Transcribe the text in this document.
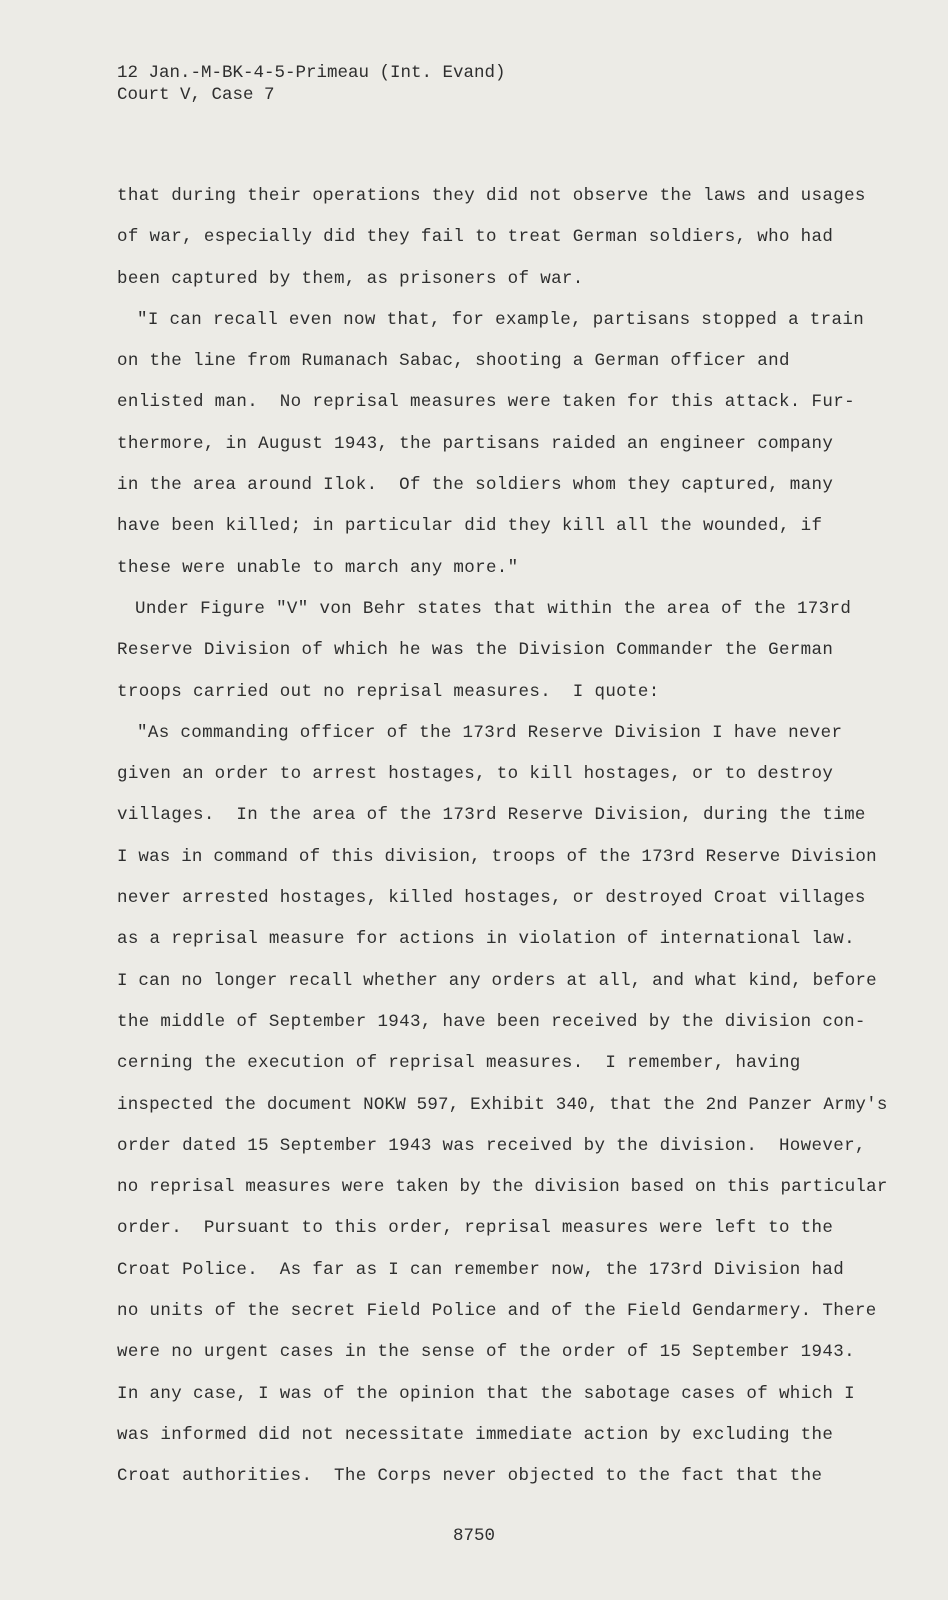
12 Jan.-M-BK-4-5-Primeau (Int. Evand)
Court V, Case 7
that during their operations they did not observe the laws and usages
of war, especially did they fail to treat German soldiers, who had
been captured by them, as prisoners of war.
"I can recall even now that, for example, partisans stopped a train
on the line from Rumanach Sabac, shooting a German officer and
enlisted man.  No reprisal measures were taken for this attack. Fur-
thermore, in August 1943, the partisans raided an engineer company
in the area around Ilok.  Of the soldiers whom they captured, many
have been killed; in particular did they kill all the wounded, if
these were unable to march any more."
Under Figure "V" von Behr states that within the area of the 173rd
Reserve Division of which he was the Division Commander the German
troops carried out no reprisal measures.  I quote:
"As commanding officer of the 173rd Reserve Division I have never
given an order to arrest hostages, to kill hostages, or to destroy
villages.  In the area of the 173rd Reserve Division, during the time
I was in command of this division, troops of the 173rd Reserve Division
never arrested hostages, killed hostages, or destroyed Croat villages
as a reprisal measure for actions in violation of international law.
I can no longer recall whether any orders at all, and what kind, before
the middle of September 1943, have been received by the division con-
cerning the execution of reprisal measures.  I remember, having
inspected the document NOKW 597, Exhibit 340, that the 2nd Panzer Army's
order dated 15 September 1943 was received by the division.  However,
no reprisal measures were taken by the division based on this particular
order.  Pursuant to this order, reprisal measures were left to the
Croat Police.  As far as I can remember now, the 173rd Division had
no units of the secret Field Police and of the Field Gendarmery. There
were no urgent cases in the sense of the order of 15 September 1943.
In any case, I was of the opinion that the sabotage cases of which I
was informed did not necessitate immediate action by excluding the
Croat authorities.  The Corps never objected to the fact that the
8750
